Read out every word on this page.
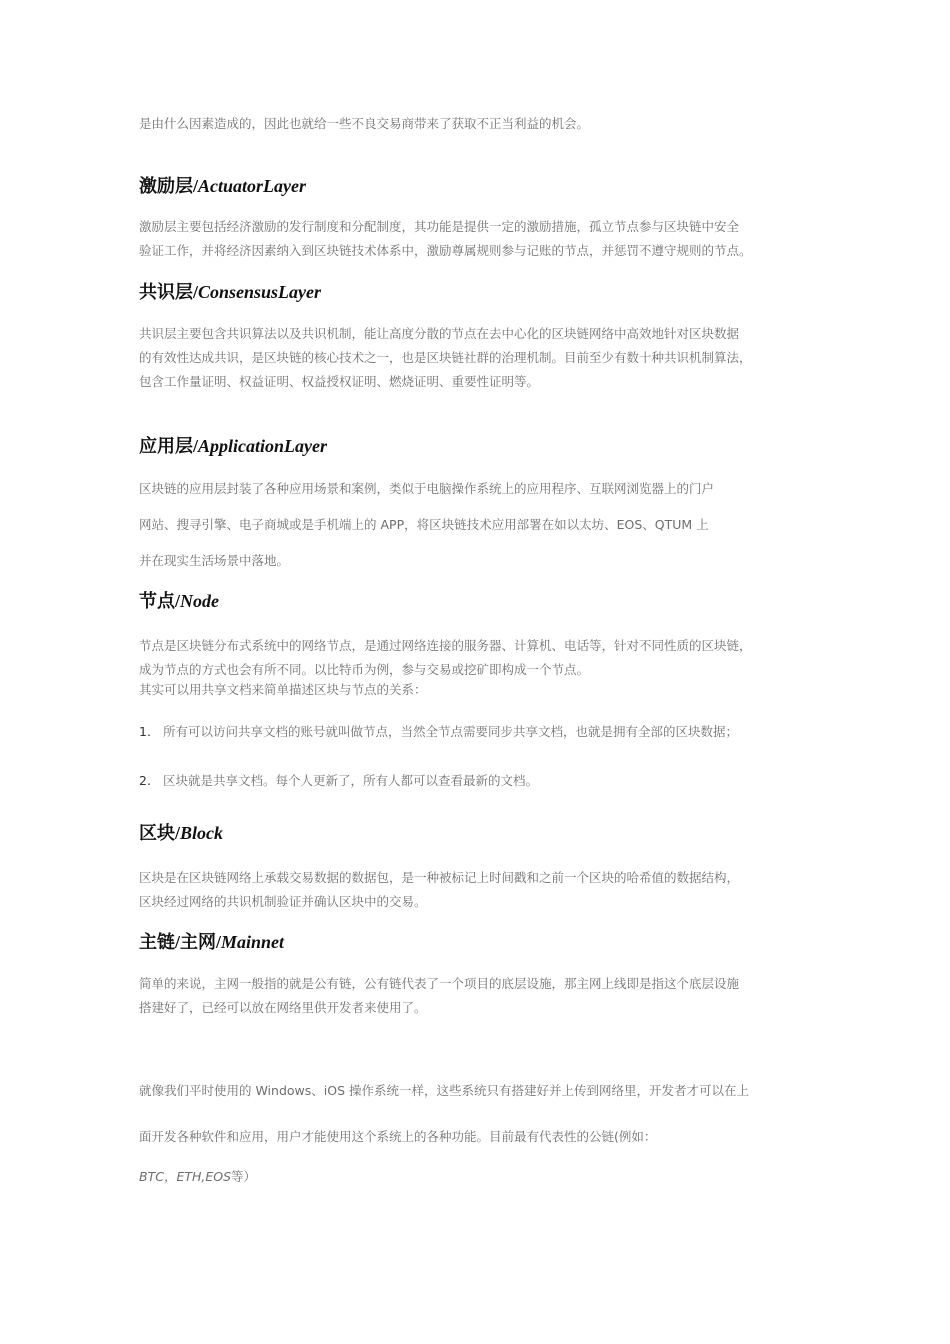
是由什么因素造成的，因此也就给一些不良交易商带来了获取不正当利益的机会。

激励层/ActuatorLayer

激励层主要包括经济激励的发行制度和分配制度，其功能是提供一定的激励措施，孤立节点参与区块链中安全
验证工作，并将经济因素纳入到区块链技术体系中，激励尊属规则参与记账的节点，并惩罚不遵守规则的节点。

共识层/ConsensusLayer

共识层主要包含共识算法以及共识机制，能让高度分散的节点在去中心化的区块链网络中高效地针对区块数据
的有效性达成共识，是区块链的核心技术之一，也是区块链社群的治理机制。目前至少有数十种共识机制算法，
包含工作量证明、权益证明、权益授权证明、燃烧证明、重要性证明等。

应用层/ApplicationLayer

区块链的应用层封装了各种应用场景和案例，类似于电脑操作系统上的应用程序、互联网浏览器上的门户
网站、搜寻引擎、电子商城或是手机端上的 APP，将区块链技术应用部署在如以太坊、EOS、QTUM 上
并在现实生活场景中落地。

节点/Node

节点是区块链分布式系统中的网络节点，是通过网络连接的服务器、计算机、电话等，针对不同性质的区块链，
成为节点的方式也会有所不同。以比特币为例，参与交易或挖矿即构成一个节点。
其实可以用共享文档来简单描述区块与节点的关系：

1. 所有可以访问共享文档的账号就叫做节点，当然全节点需要同步共享文档，也就是拥有全部的区块数据；

2. 区块就是共享文档。每个人更新了，所有人都可以查看最新的文档。

区块/Block

区块是在区块链网络上承载交易数据的数据包，是一种被标记上时间戳和之前一个区块的哈希值的数据结构，
区块经过网络的共识机制验证并确认区块中的交易。

主链/主网/Mainnet

简单的来说，主网一般指的就是公有链，公有链代表了一个项目的底层设施，那主网上线即是指这个底层设施
搭建好了，已经可以放在网络里供开发者来使用了。

就像我们平时使用的 Windows、iOS 操作系统一样，这些系统只有搭建好并上传到网络里，开发者才可以在上
面开发各种软件和应用，用户才能使用这个系统上的各种功能。目前最有代表性的公链(例如：
BTC，ETH,EOS等）
